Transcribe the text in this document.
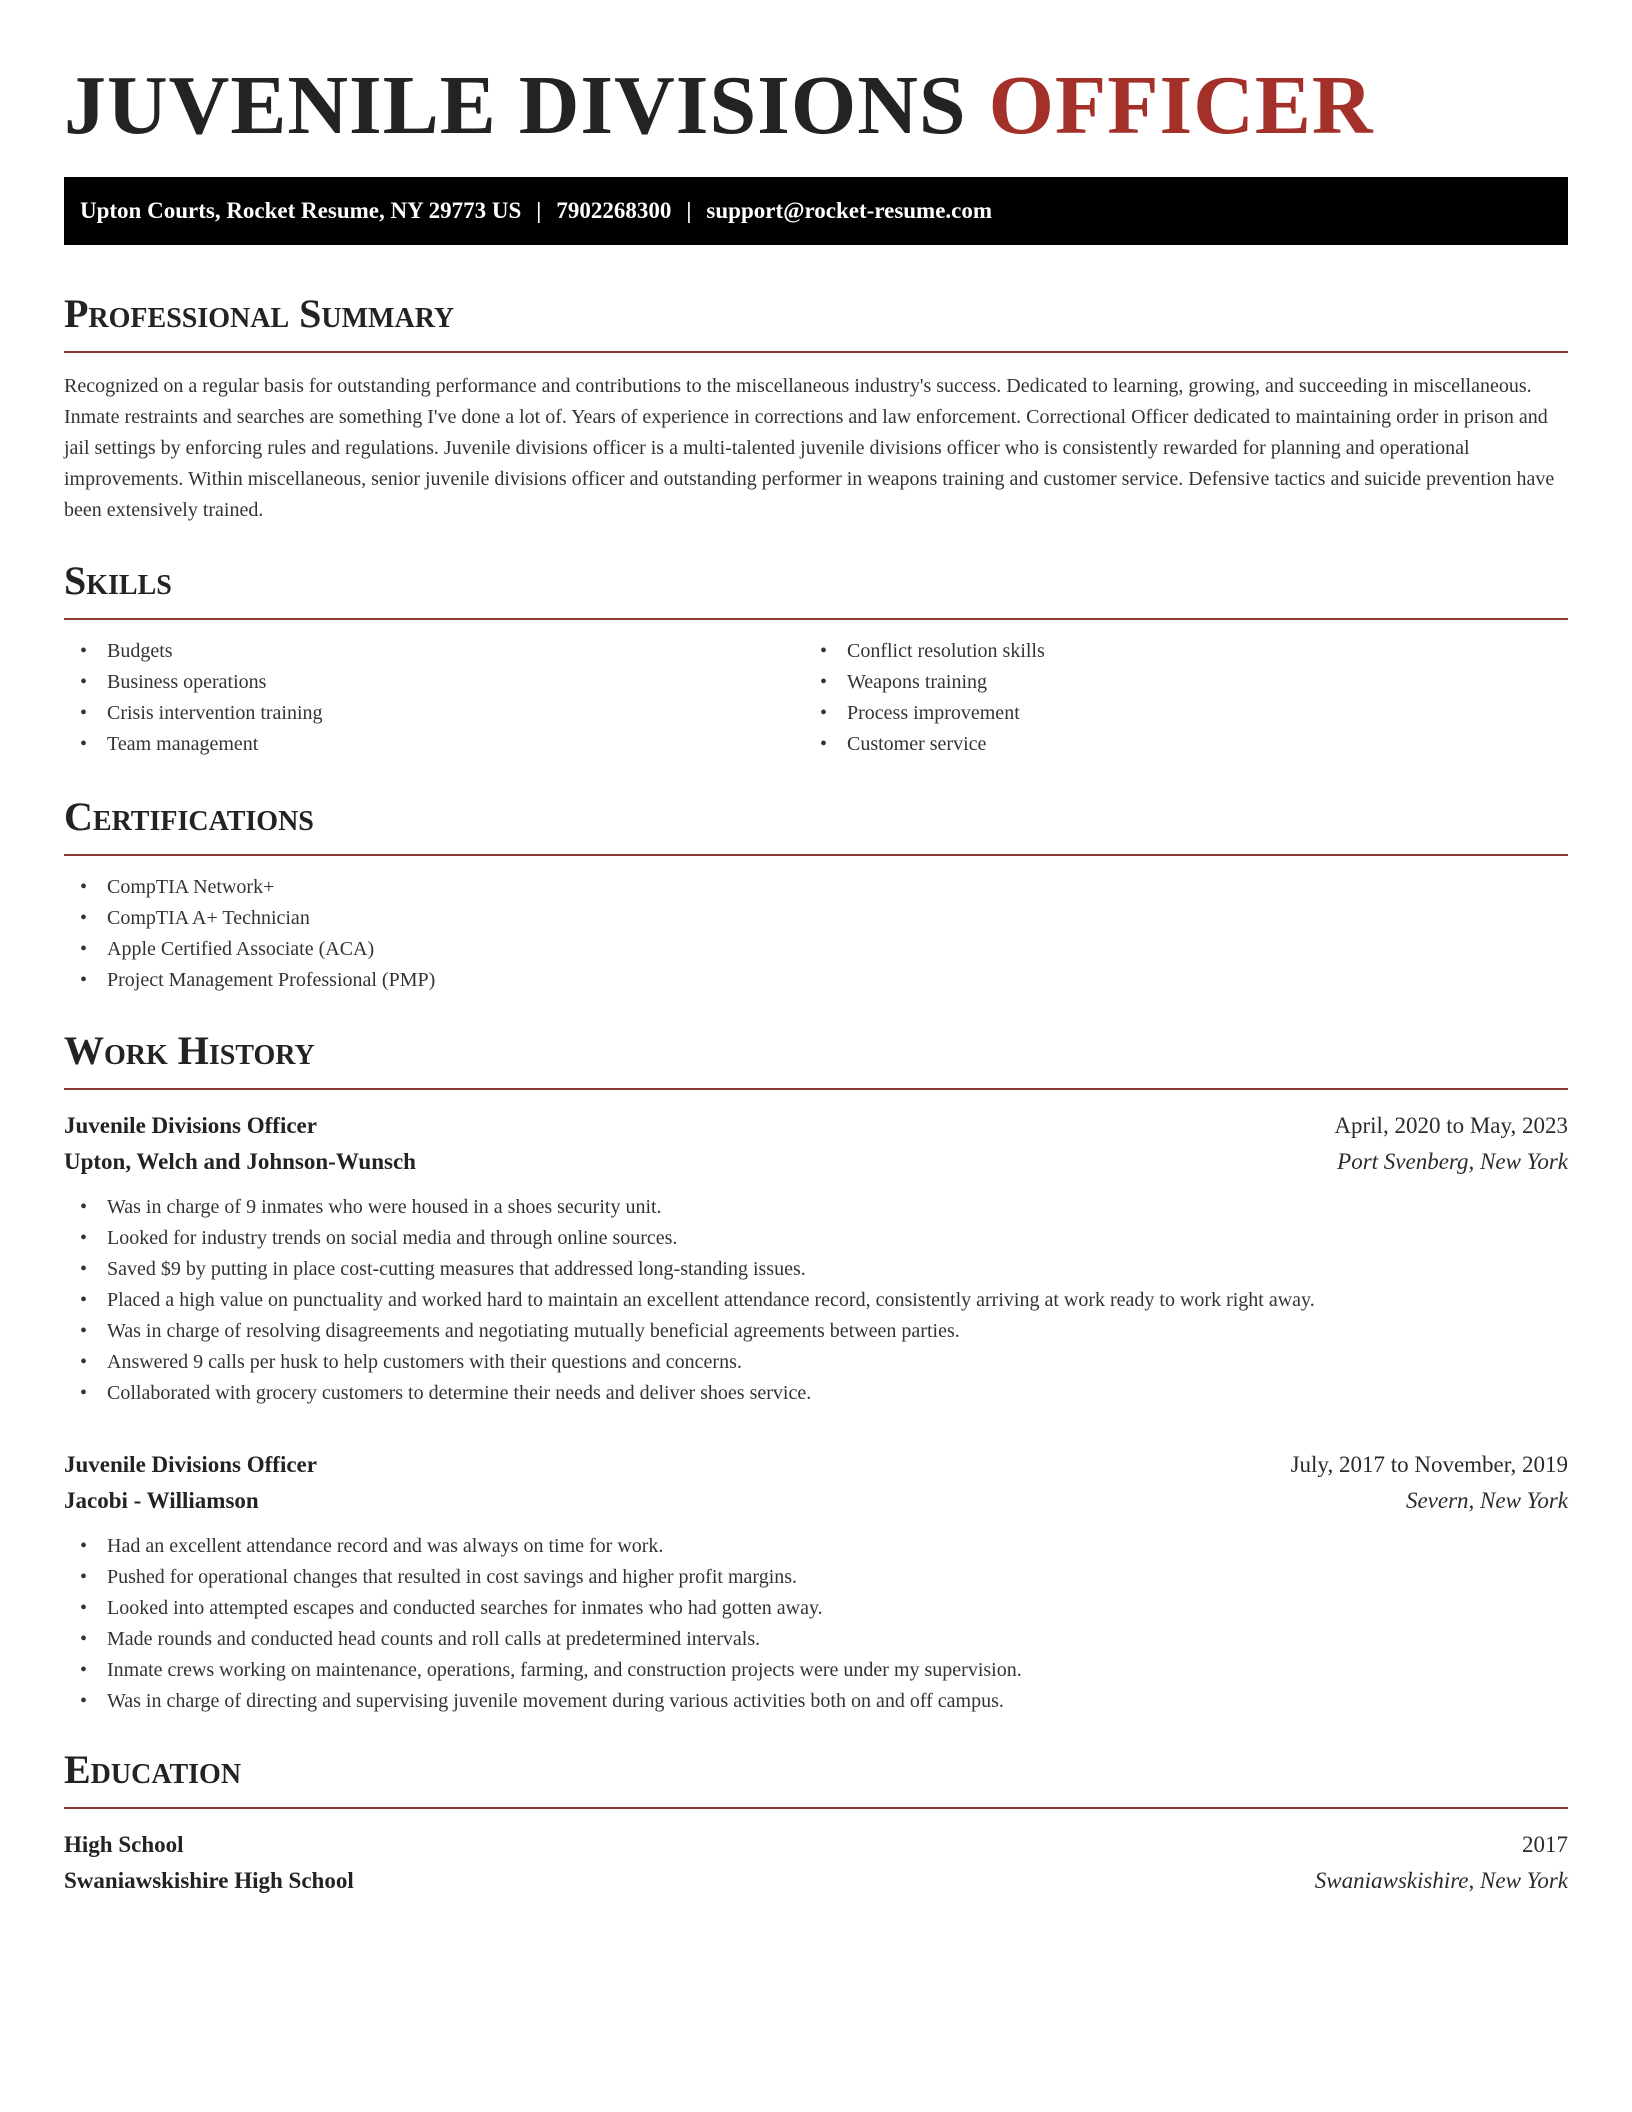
JUVENILE DIVISIONS OFFICER
Upton Courts, Rocket Resume, NY 29773 US | 7902268300 | support@rocket-resume.com
Professional Summary

Recognized on a regular basis for outstanding performance and contributions to the miscellaneous industry's success. Dedicated to learning, growing, and succeeding in miscellaneous. Inmate restraints and searches are something I've done a lot of. Years of experience in corrections and law enforcement. Correctional Officer dedicated to maintaining order in prison and jail settings by enforcing rules and regulations. Juvenile divisions officer is a multi-talented juvenile divisions officer who is consistently rewarded for planning and operational improvements. Within miscellaneous, senior juvenile divisions officer and outstanding performer in weapons training and customer service. Defensive tactics and suicide prevention have been extensively trained.

Skills
• Budgets
• Business operations
• Crisis intervention training
• Team management
• Conflict resolution skills
• Weapons training
• Process improvement
• Customer service
Certifications
• CompTIA Network+
• CompTIA A+ Technician
• Apple Certified Associate (ACA)
• Project Management Professional (PMP)
Work History
Juvenile Divisions Officer	April, 2020 to May, 2023
Upton, Welch and Johnson-Wunsch	Port Svenberg, New York
• Was in charge of 9 inmates who were housed in a shoes security unit.
• Looked for industry trends on social media and through online sources.
• Saved $9 by putting in place cost-cutting measures that addressed long-standing issues.
• Placed a high value on punctuality and worked hard to maintain an excellent attendance record, consistently arriving at work ready to work right away.
• Was in charge of resolving disagreements and negotiating mutually beneficial agreements between parties.
• Answered 9 calls per husk to help customers with their questions and concerns.
• Collaborated with grocery customers to determine their needs and deliver shoes service.
Juvenile Divisions Officer	July, 2017 to November, 2019
Jacobi - Williamson	Severn, New York
• Had an excellent attendance record and was always on time for work.
• Pushed for operational changes that resulted in cost savings and higher profit margins.
• Looked into attempted escapes and conducted searches for inmates who had gotten away.
• Made rounds and conducted head counts and roll calls at predetermined intervals.
• Inmate crews working on maintenance, operations, farming, and construction projects were under my supervision.
• Was in charge of directing and supervising juvenile movement during various activities both on and off campus.
Education
High School	2017
Swaniawskishire High School	Swaniawskishire, New York
